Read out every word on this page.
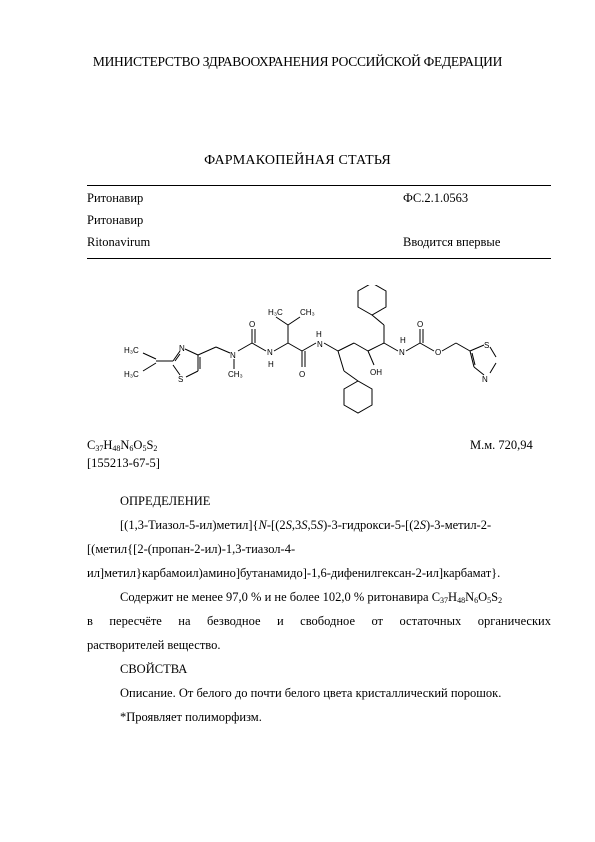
МИНИСТЕРСТВО ЗДРАВООХРАНЕНИЯ РОССИЙСКОЙ ФЕДЕРАЦИИ
ФАРМАКОПЕЙНАЯ СТАТЬЯ
Ритонавир	ФС.2.1.0563
Ритонавир
Ritonavirum	Вводится впервые
H₃C CH₃
H₃C
H₃C
N
S
N
CH₃
O
H
N
O
H
N
OH
H
N
O
O
S
N
$C_{37}H_{48}N_6O_5S_2$	М.м. 720,94
[155213-67-5]
ОПРЕДЕЛЕНИЕ
[(1,3-Тиазол-5-ил)метил]{N-[(2S,3S,5S)-3-гидрокси-5-[(2S)-3-метил-2-
[(метил{[2-(пропан-2-ил)-1,3-тиазол-4-
ил]метил}карбамоил)амино]бутанамидо]-1,6-дифенилгексан-2-ил]карбамат}.
Содержит не менее 97,0 % и не более 102,0 % ритонавира $C_{37}H_{48}N_6O_5S_2$
в пересчёте на безводное и свободное от остаточных органических
растворителей вещество.
СВОЙСТВА
Описание. От белого до почти белого цвета кристаллический порошок.
*Проявляет полиморфизм.
